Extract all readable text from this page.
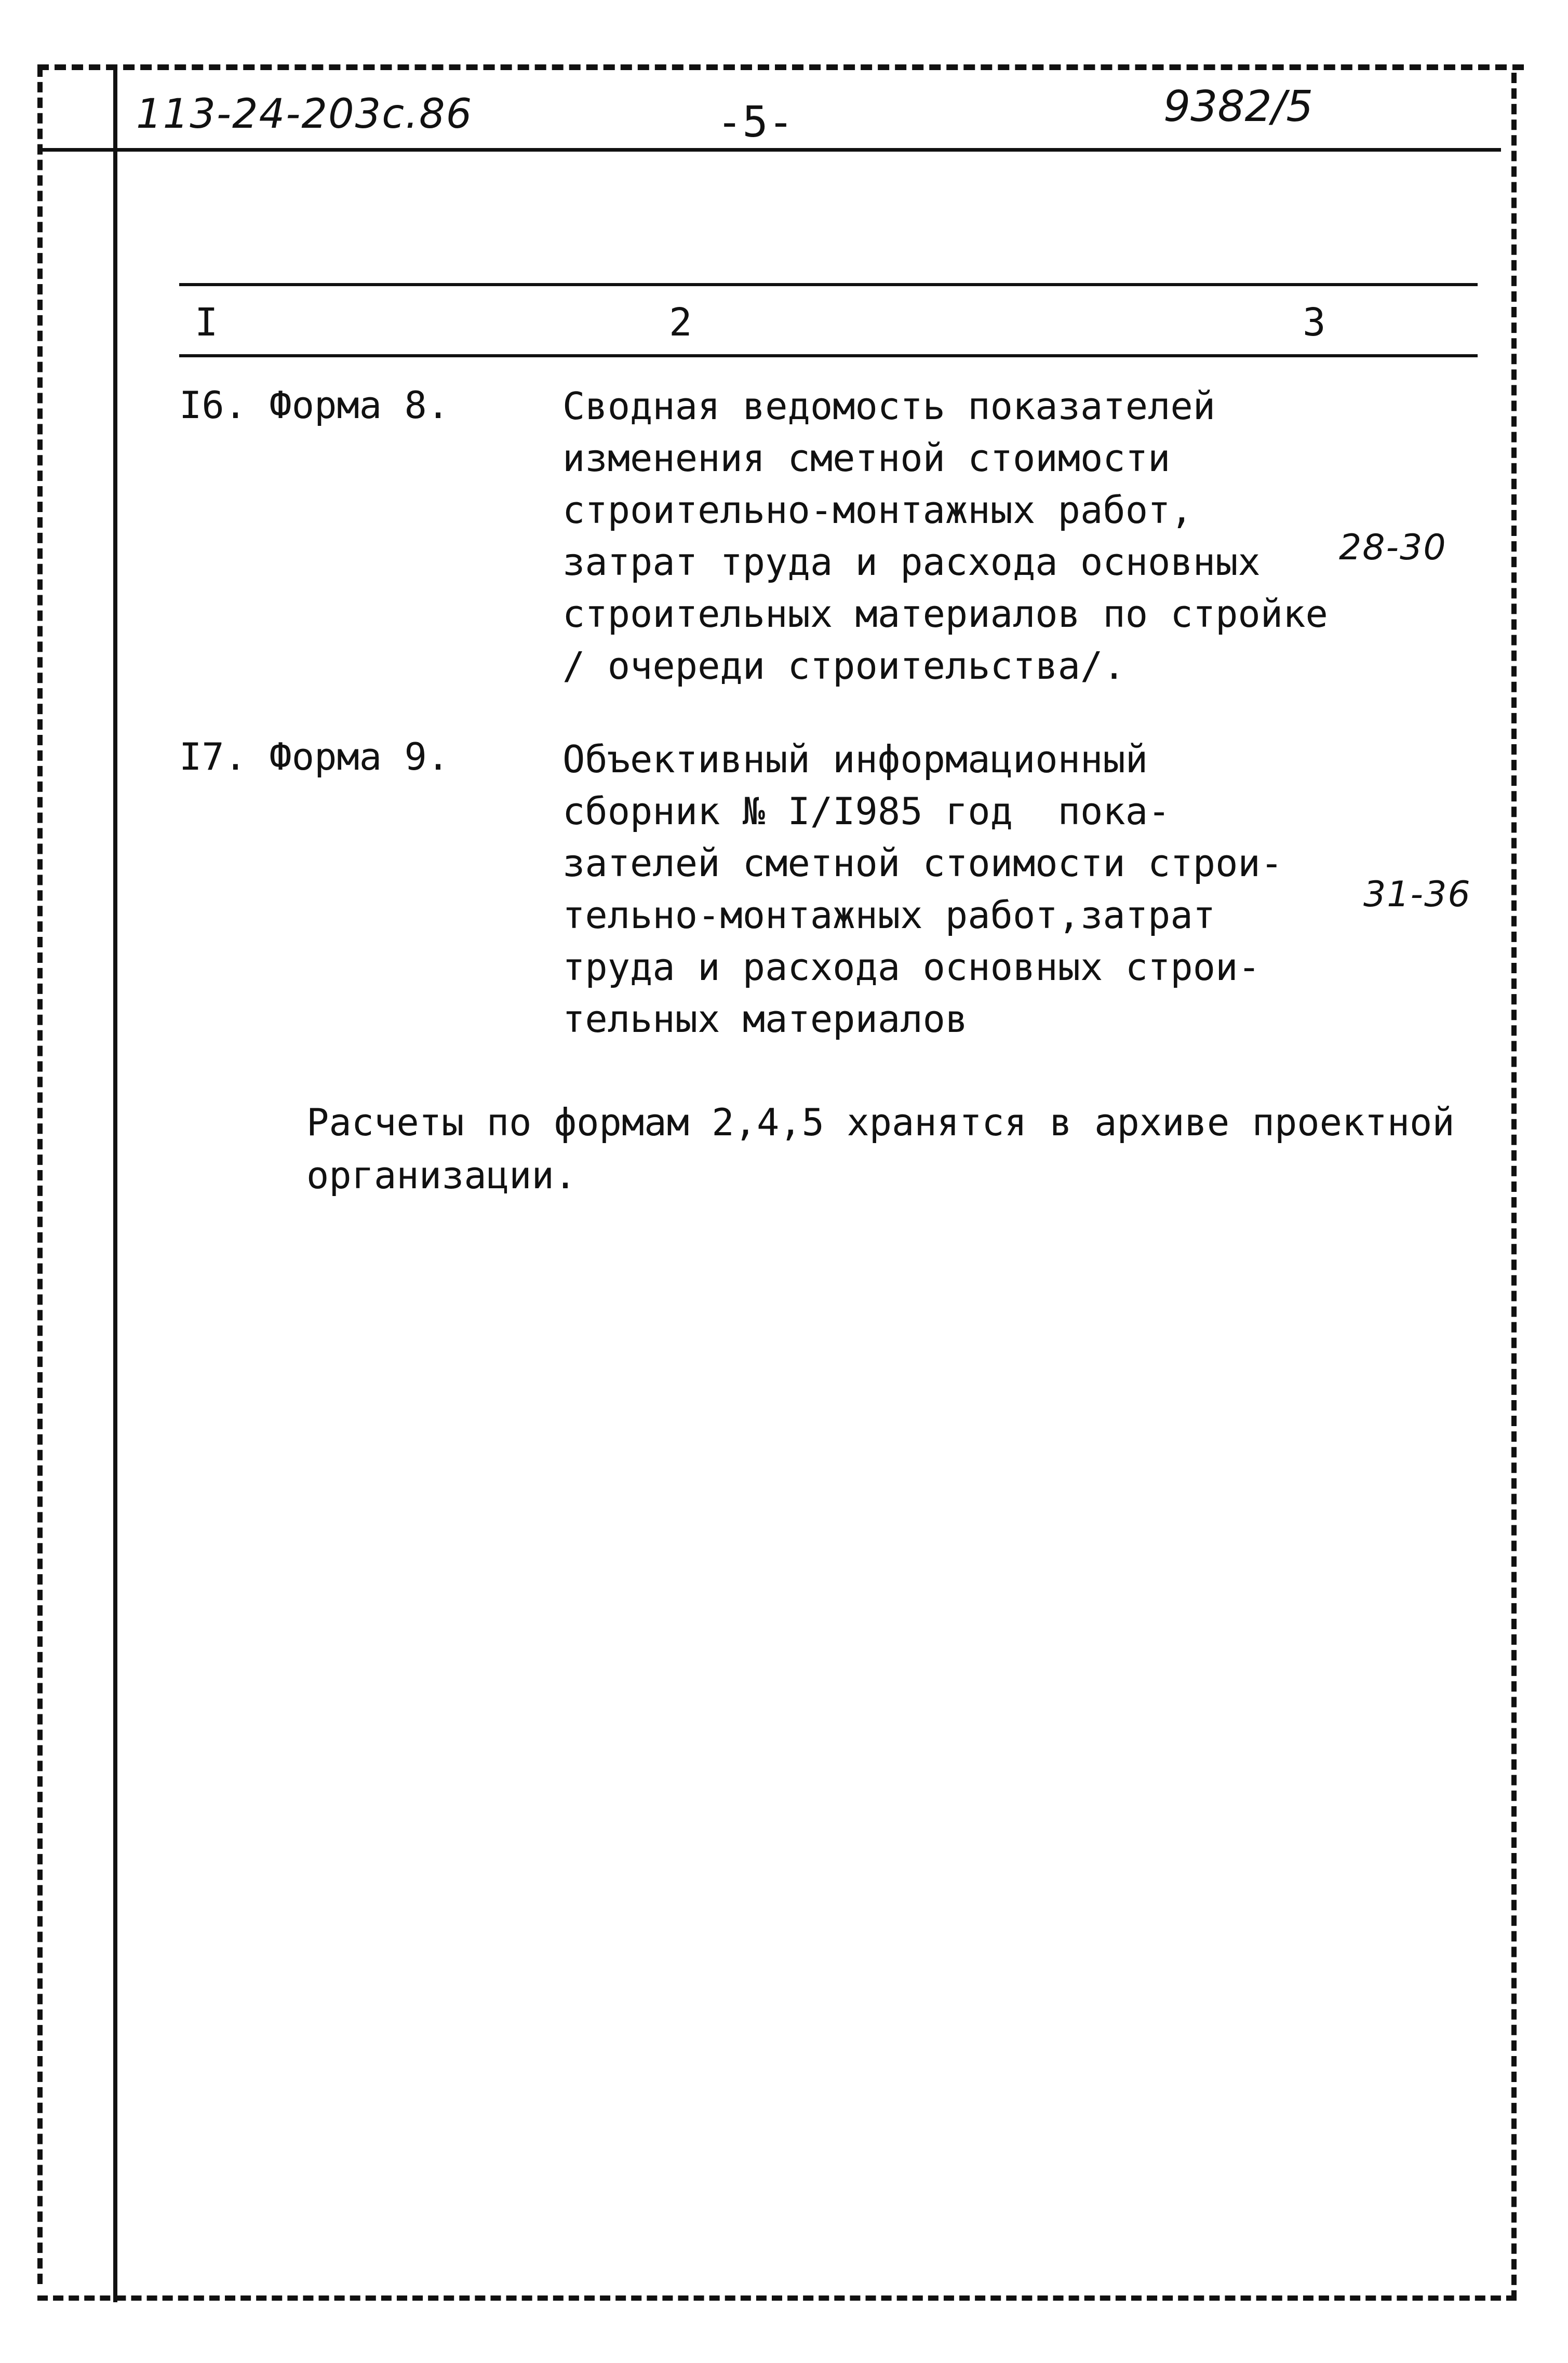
113-24-203с.86	-5-	9382/5
I	2	3
I6. Форма 8.	Сводная ведомость показателей
изменения сметной стоимости
строительно-монтажных работ,
затрат труда и расхода основных
строительных материалов по стройке
/ очереди строительства/.
28-30
I7. Форма 9.	Объективный информационный
сборник № I/I985 год  пока-
зателей сметной стоимости строи-
тельно-монтажных работ,затрат
труда и расхода основных строи-
тельных материалов
31-36
Расчеты по формам 2,4,5 хранятся в архиве проектной
организации.
